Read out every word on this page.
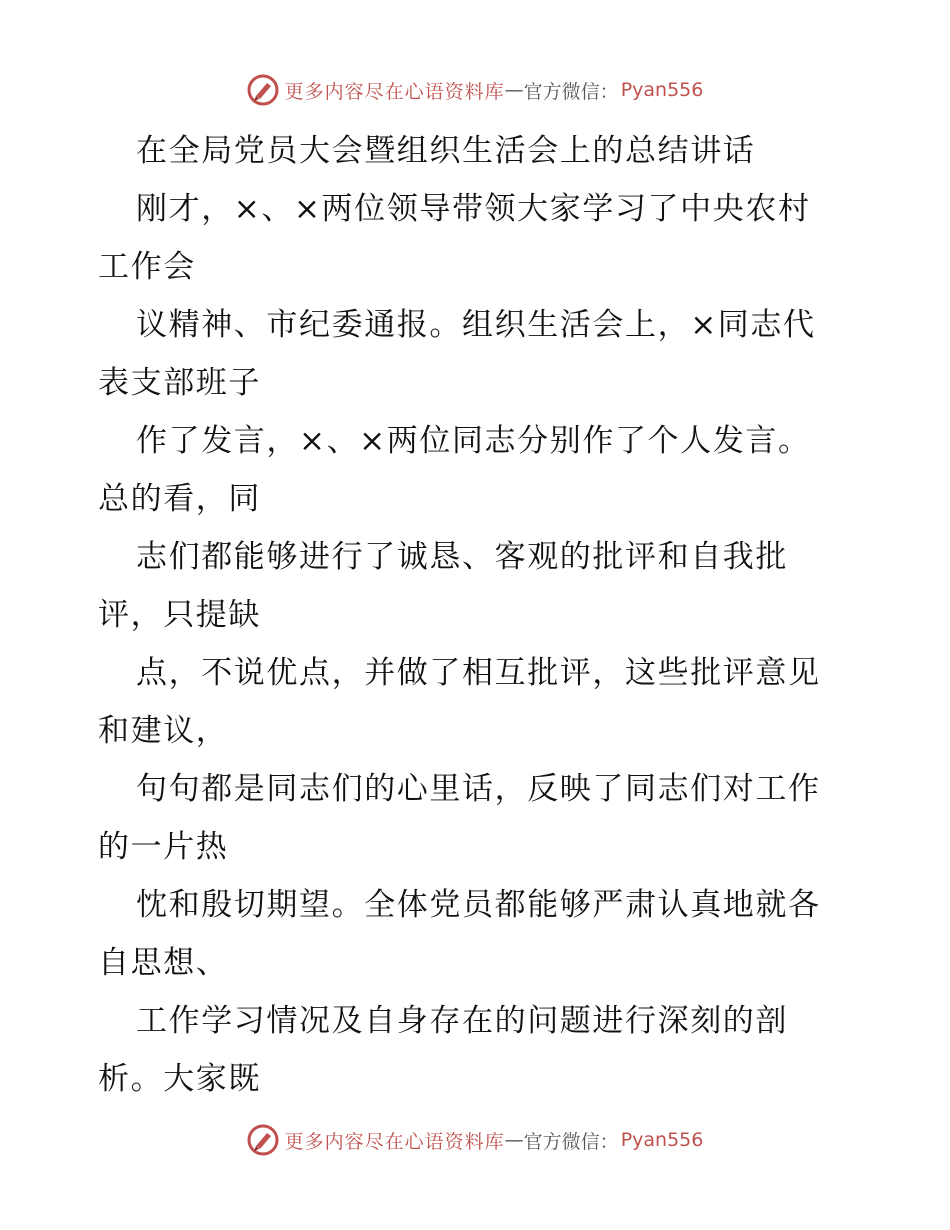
更多内容尽在心语资料库 — 官方微信： Pyan556
在全局党员大会暨组织生活会上的总结讲话
刚才，×、×两位领导带领大家学习了中央农村
工作会
议精神、市纪委通报。组织生活会上，×同志代
表支部班子
作了发言，×、×两位同志分别作了个人发言。
总的看，同
志们都能够进行了诚恳、客观的批评和自我批
评，只提缺
点，不说优点，并做了相互批评，这些批评意见
和建议，
句句都是同志们的心里话，反映了同志们对工作
的一片热
忱和殷切期望。全体党员都能够严肃认真地就各
自思想、
工作学习情况及自身存在的问题进行深刻的剖
析。大家既
更多内容尽在心语资料库 — 官方微信： Pyan556
